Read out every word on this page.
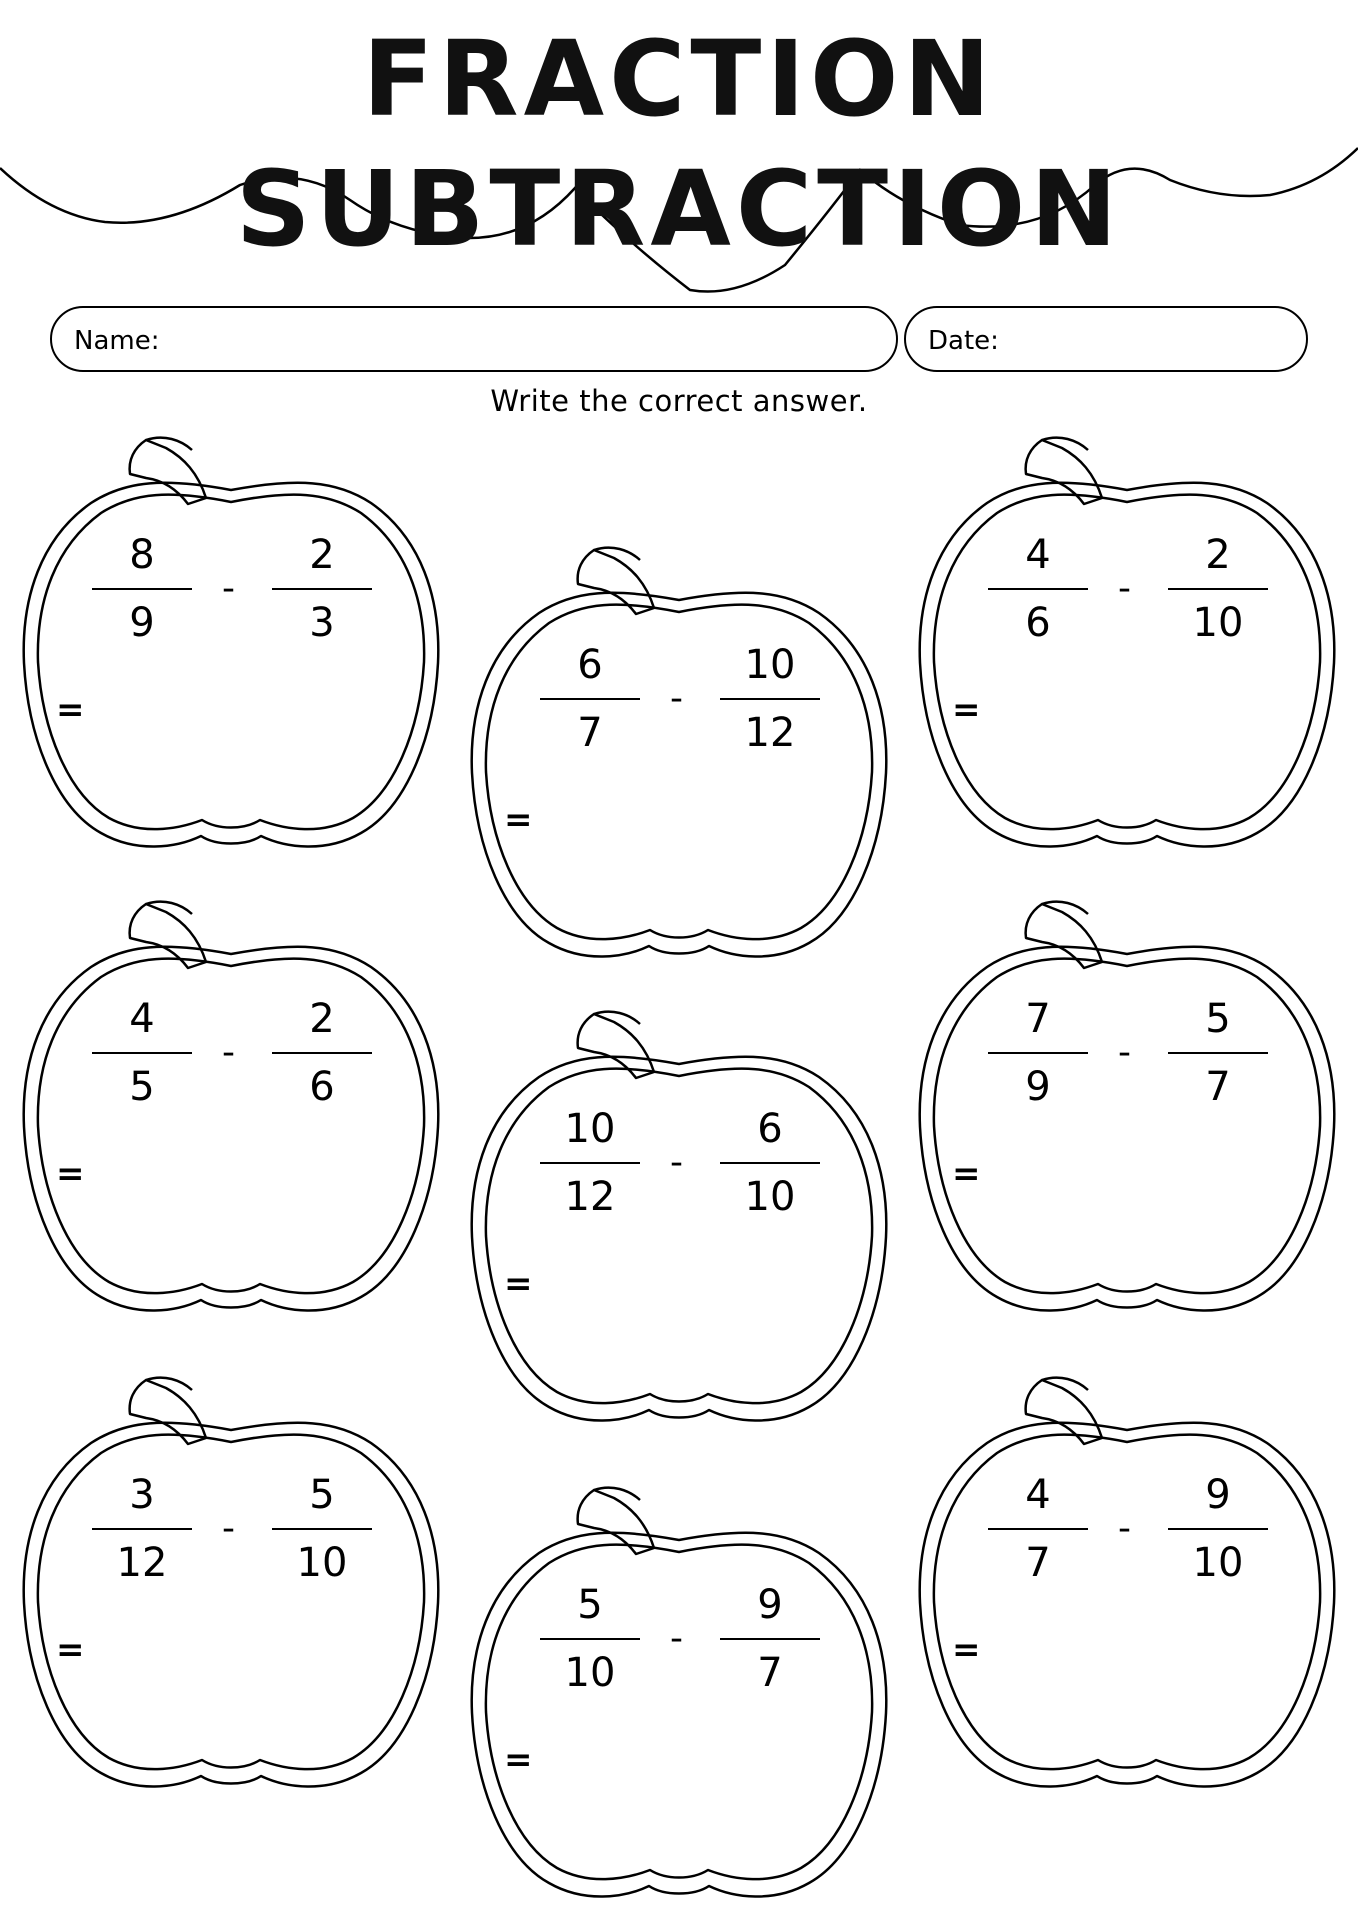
FRACTION SUBTRACTION
Name:	Date:
Write the correct answer.
8
9
-
2
3
=
6
7
-
10
12
=
4
6
-
2
10
=
4
5
-
2
6
=
10
12
-
6
10
=
7
9
-
5
7
=
3
12
-
5
10
=
5
10
-
9
7
=
4
7
-
9
10
=
